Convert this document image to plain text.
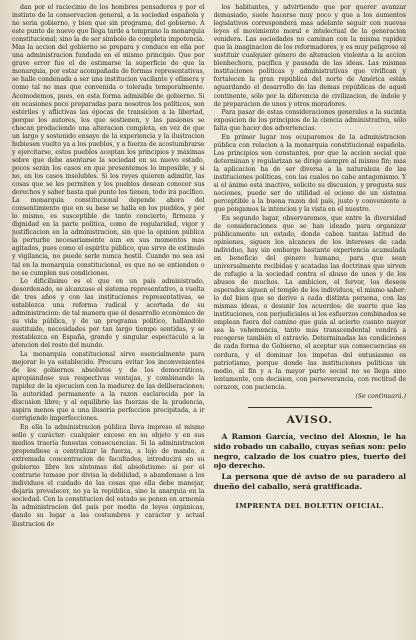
dan por el raciocinio de los hombres pensadores y por el instinto de la conservacion general, a la sociedad española y no seria gobierno, y bien que sin programa, del gobierno. A este punto de nuevo que llega tarde a temprano la monarquia constitucional; sino la de ser símbolo de completa impotencia. Mas la accion del gobierno se prepara y conduce en ella por una administracion fundada en el mismo principio. Que por grave error fue el de estimarse la superficie de que la monarquia, por estar acompañada de formas representativas, se halle condenada a ser una institucion vacilante y efímera y como tal no mas que convenida o tolerada temporalmente. Acomodemos, pues, en esta forma admisible de gobierno. Si en ocasiones poco preparadas para nosotros los políticos, son estériles y aflictivas las épocas de transicion a la libertad, porque los autores, los que sostienen, y las pasiones se chocan produciendo una alteracion completa, en vez de que un largo y sostenido ensayo de la experiencia y la ilustracion hubiesen vuelto ya a los pueblos, y a fuerza de acostumbrarse y ejercitarse, estos pueblos aceptan los principios y máximas sobre que debe asentarse la sociedad en su nuevo estado, pocos serán los casos en que presentemos lo imposible, y si no, en los casos insolubles. Si los reyes quieren adimitir, las cosas que se les permiten y los pueblos desean conocer sus derechos y saber hasta qué punto los tienen, todo irá pacífico. La monarquia constitucional depende ahora del consentimiento que en su base se halla en los pueblos, y por lo mismo, es susceptible de tanto concierto, firmeza y dignidad en la parte política, como de regularidad, vigor y justificacion en la administracion, sin que la opinion pública la perturbe necesariamente aun en sus momentos mas agitados, pues como el espíritu público, que sirve de estímulo y vigilancia, no puede serle nunca hostil. Cuando no sea así tal en la monarquia constitucional, es que no se entienden o no se cumplen sus condiciones.

Lo dificilisimo es el que en un país administrado, desordenado, se alcanzase el sistema representativo, a vuelta de tres años y con las instituciones representativas, se establezca una reforma radical y acertada de su administracion: de tal manera que el desarrollo económico de su vida pública, y de un programa político, hallándolo sustituido, necesidades por tan largo tiempo sentidas, y se restablezca en España, grande y singular espectáculo a la atencion del resto del mundo.

La monarquia constitucional sirve esencialmente para mejorar lo ya establecido. Procura evitar los inconvenientes de los gobiernos absolutos y de los democráticos, apropiándose sus respectivas ventajas, y combinando la rapidez de la ejecucion con la madurez de las deliberaciones; la autoridad permanente a la razon esclarecida por la discusion libre; y al equilibrio las fuerzas de la prudencia, aspira menos que a una ilusoria perfeccion precipitada, a ir corrigiendo imperfecciones.

En ella la administracion pública lleva impreso el mismo sello y carácter: cualquier exceso en su objeto y en sus medios traería funestas consecuencias. Si la administracion propendiese a centralizar la fuerza, a lujo de mando, a extremada concentracion de facultades, introducirá en su gobierno libre los síntomas del absolutismo: si por el contrario tomase por divisa la debilidad, o abandonase a los individuos el cuidado de las cosas que ella debe manejar, dejaria prevalecer, no ya la república, sino la anarquia en la sociedad. Con la constitucion del estado se ponen en armonía la administracion del país por medio de leyes orgánicas, dando su lugar a las costumbres y carácter y actual ilustracion de

los habitantes, y advirtiendo que por querer avanzar demasiado, suele hacerse muy poco y que a los aumentos legislativos corresponderá mas adelante seguir con nuevas leyes el movimiento moral e intelectual de la generacion venidera. Las sociedades no caminan con la misma rapidez que la imaginacion de los reformadores, y es muy peligroso el sustituir cualquier género de alteracion violenta a la accion bienhechora, pacífica y pausada de las ideas. Las mismas instituciones políticas y administrativas que vivifican y fortalecen la gran república del norte de América están aguardando el desarrollo de las demas repúblicas de aquel continente, sólo por la diferencia de civilizacion, de índole y de preparacion de unos y otros moradores.

Para pasar de estas consideraciones generales a la sucinta exposicion de los principios de la ciencia administrativa, sólo falta que hacer dos advertencias.

En primer lugar nos ocuparemos de la administracion pública con relacion a la monarquia constitucional española. Los principios son constantes, por que la accion social que determinan y regularizan se dirige siempre al mismo fin; mas la aplicacion ha de ser diversa a la naturaleza de las instituciones políticas, con las cuales no cabe antagonismo. Y si el ánimo está inactivo, solicito su discusion, y pregusta sus nociones, puede ser de utilidad el ocioso de un sistema perceptible a la buena razon del país, justo y conveniente a que pongamos la intencion y la vista en el nuestro.

En segundo lugar, observaremos, que entre la diversidad de consideraciones que se han ideado para organizar públicamente un estado, donde caben tantas latitud de opiniones, siguen los alcances de los intereses de cada individuo, hay sin embargo bastante experiencia acumulada en beneficio del género humano, para que sean universalmente recibidas y acatadas las doctrinas que sirven de refugio a la sociedad contra el abuso de unos y de los abusos de muchos. La ambicion, el fervor, los deseos esperados siguen el templo de los individuos, el mismo saber: lo del bien que se derive a cada distinta persona, con las mismas ideas, o desunir los acuerdos; de suerte que las instituciones, con perjudiciales si los esfuerzos combinados se emplean fuera del camino que guía al acierto cuanto mayor sea la vehemencia, tanto más transcendental vendrá a recogerse también el extravío. Determinadas las condiciones de cada forma de Gobierno, el aceptar sus consecuencias es cordura, y el dominar los ímpetus del entusiasmo es patriotismo, porque donde las instituciones políticas un medio, al fin y a la mayor parte social no se llega sino lentamente, con decision, con perseverancia, con rectitud de corazon, con paciencia.

(Se continuará.)
AVISO.

A Ramon García, vecino del Alosno, le ha sido robado un caballo, cuyas señas son: pelo negro, calzado de los cuatro pies, tuerto del ojo derecho.

La persona que dé aviso de su paradero al dueño del caballo, será gratificada.

IMPRENTA DEL BOLETIN OFICIAL.
